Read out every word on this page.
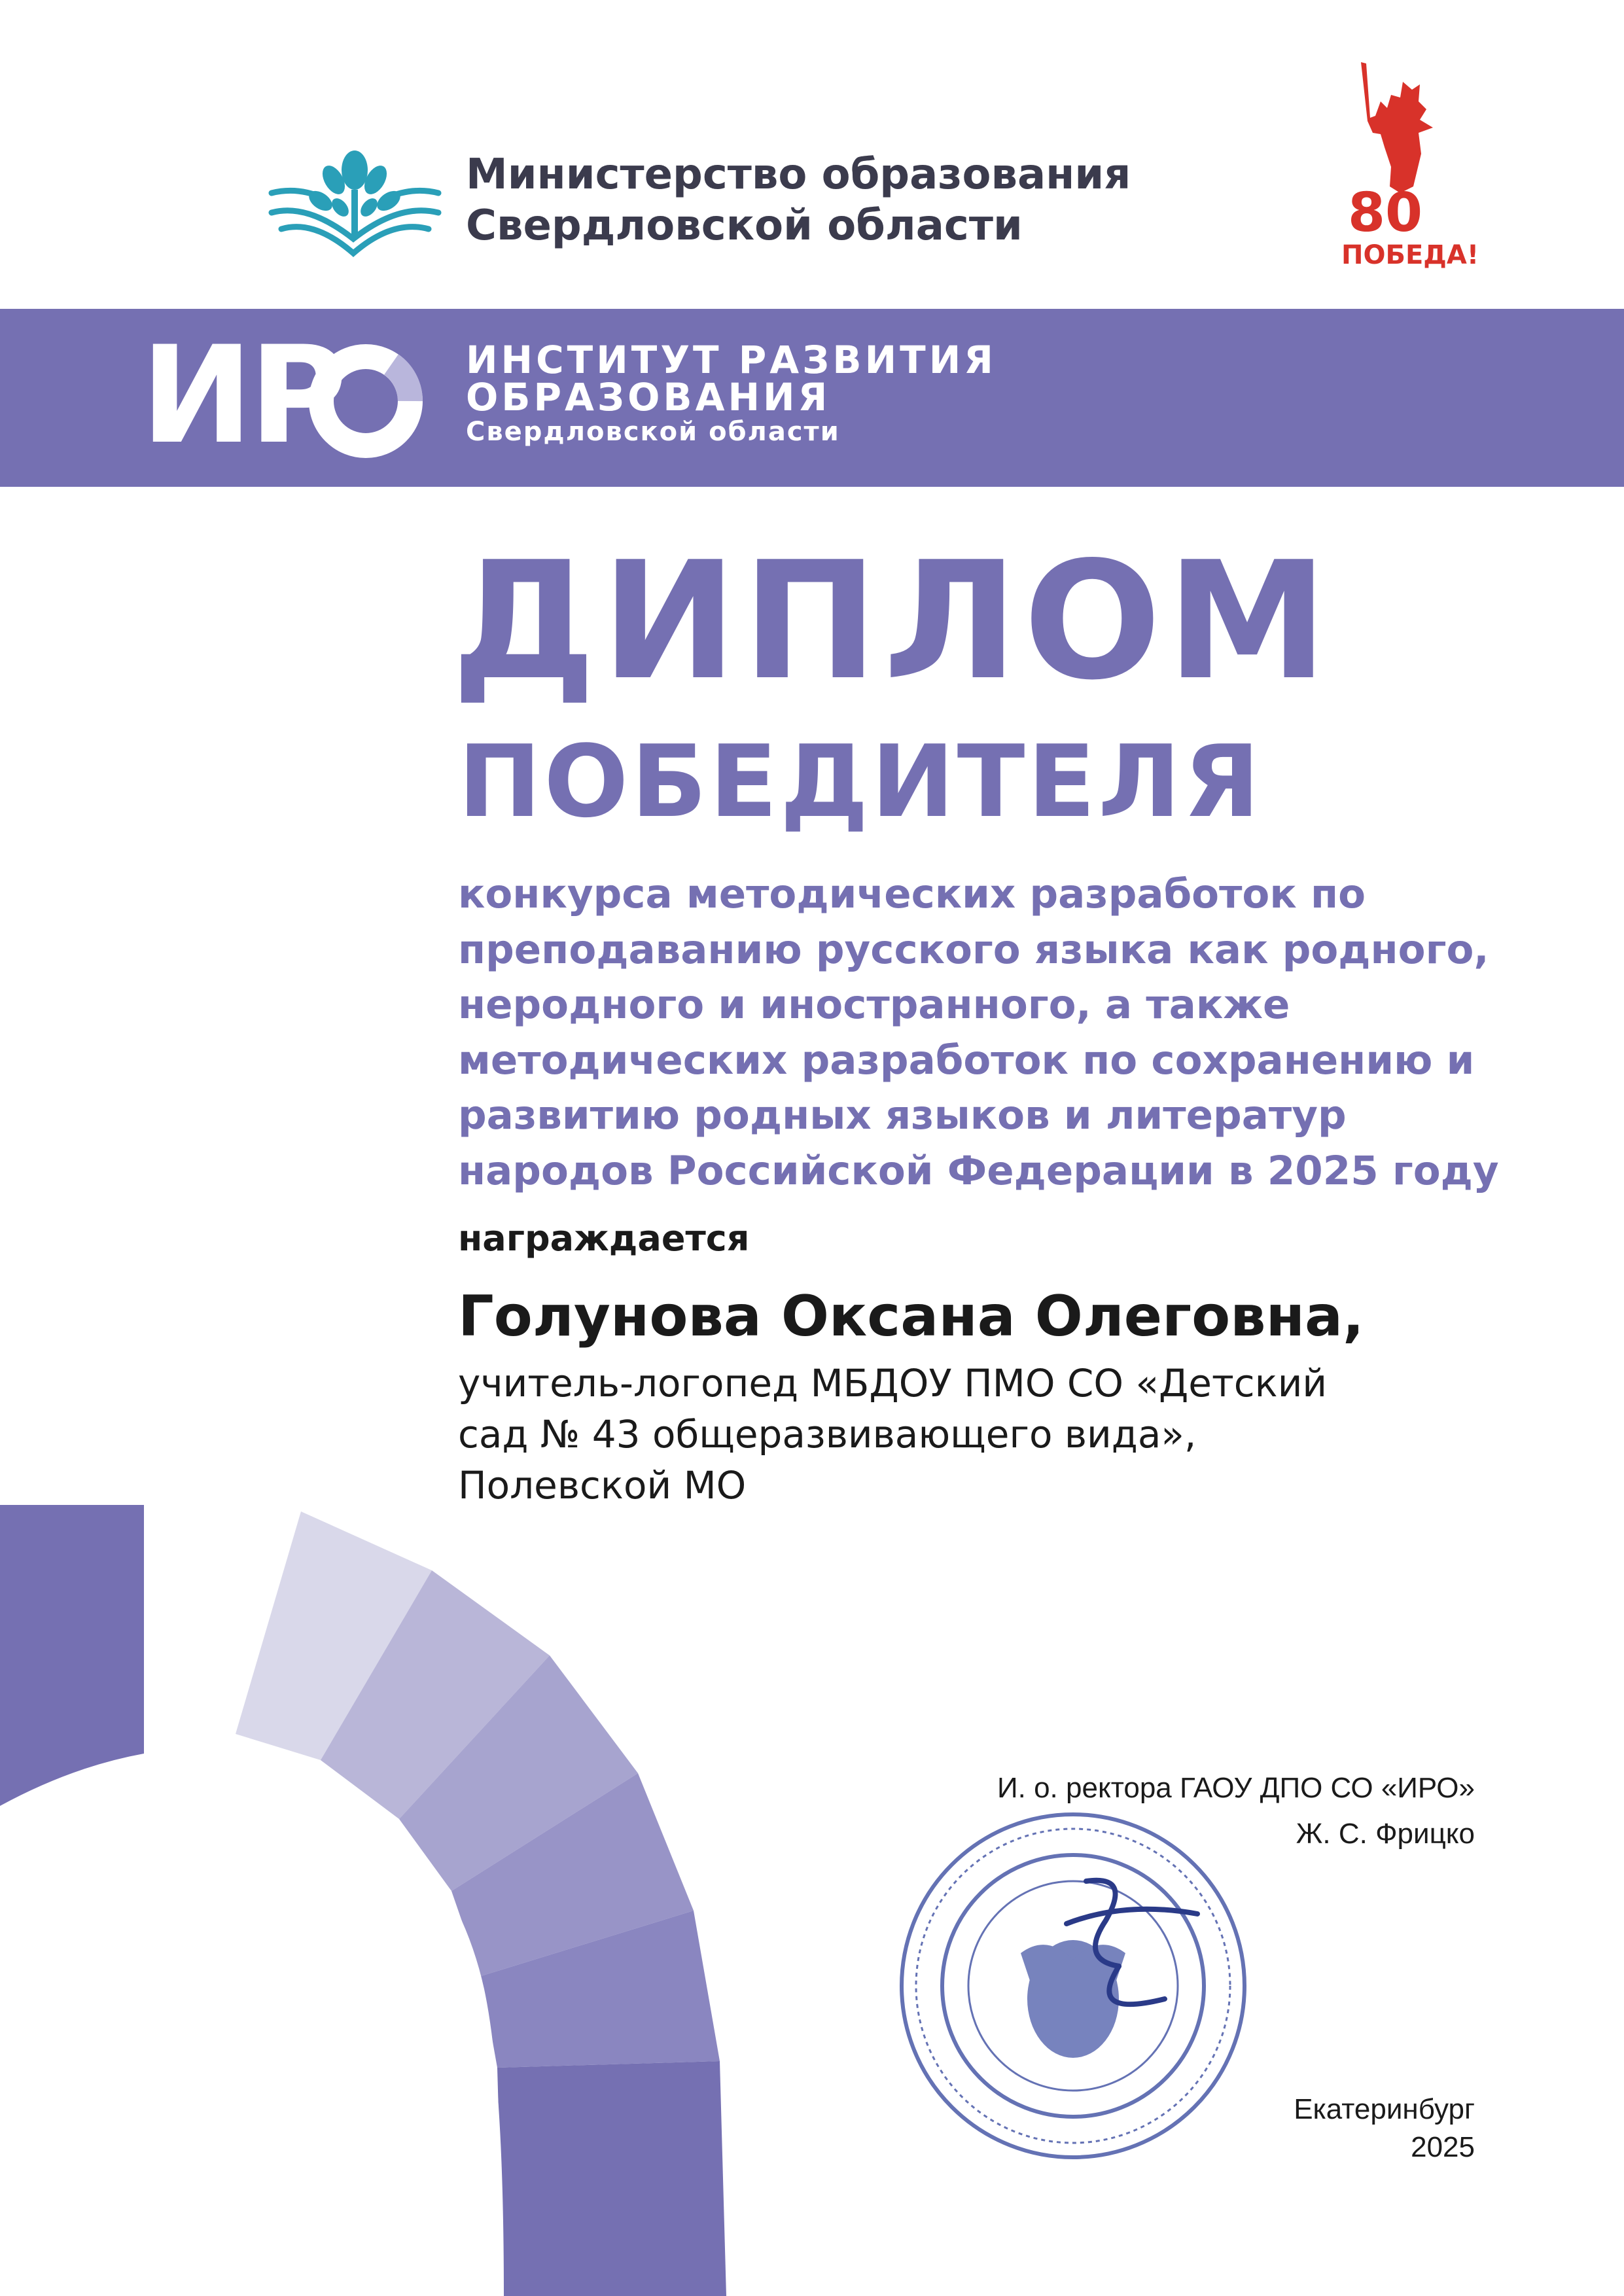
Министерство образования
Свердловской области	80
ПОБЕДА!
ИР	ИНСТИТУТ РАЗВИТИЯ
ОБРАЗОВАНИЯ
Свердловской области
ДИПЛОМ
ПОБЕДИТЕЛЯ
конкурса методических разработок по
преподаванию русского языка как родного,
неродного и иностранного, а также
методических разработок по сохранению и
развитию родных языков и литератур
народов Российской Федерации в 2025 году
награждается
Голунова Оксана Олеговна,
учитель-логопед МБДОУ ПМО СО «Детский
сад № 43 общеразвивающего вида»,
Полевской МО
И. о. ректора ГАОУ ДПО СО «ИРО»
Ж. С. Фрицко
Екатеринбург
2025
